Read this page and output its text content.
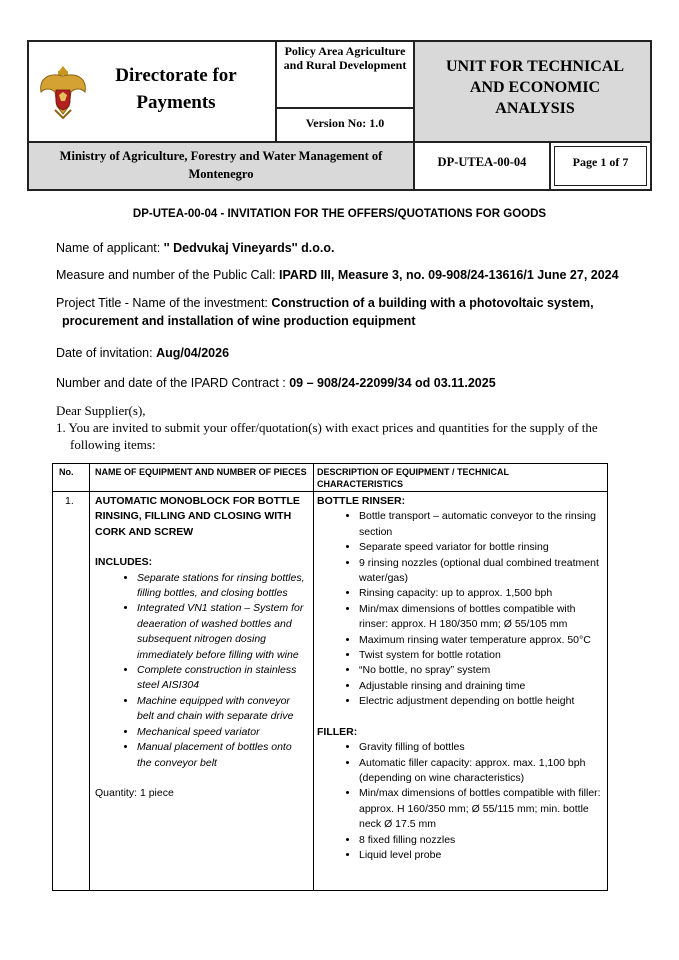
Directorate for Payments
Policy Area Agriculture and Rural Development
Version No: 1.0
UNIT FOR TECHNICAL AND ECONOMIC ANALYSIS
Ministry of Agriculture, Forestry and Water Management of Montenegro
DP-UTEA-00-04	Page 1 of 7
DP-UTEA-00-04 - INVITATION FOR THE OFFERS/QUOTATIONS FOR GOODS
Name of applicant: '' Dedvukaj Vineyards'' d.o.o.
Measure and number of the Public Call: IPARD III, Measure 3, no. 09-908/24-13616/1 June 27, 2024
Project Title - Name of the investment: Construction of a building with a photovoltaic system,
procurement and installation of wine production equipment
Date of invitation: Aug/04/2026
Number and date of the IPARD Contract : 09 – 908/24-22099/34 od 03.11.2025
Dear Supplier(s),
1. You are invited to submit your offer/quotation(s) with exact prices and quantities for the supply of the following items:
No. NAME OF EQUIPMENT AND NUMBER OF PIECES DESCRIPTION OF EQUIPMENT / TECHNICAL CHARACTERISTICS
1. AUTOMATIC MONOBLOCK FOR BOTTLE RINSING, FILLING AND CLOSING WITH CORK AND SCREW
INCLUDES:
• Separate stations for rinsing bottles, filling bottles, and closing bottles
• Integrated VN1 station – System for deaeration of washed bottles and subsequent nitrogen dosing immediately before filling with wine
• Complete construction in stainless steel AISI304
• Machine equipped with conveyor belt and chain with separate drive
• Mechanical speed variator
• Manual placement of bottles onto the conveyor belt
Quantity: 1 piece
BOTTLE RINSER:
• Bottle transport – automatic conveyor to the rinsing section
• Separate speed variator for bottle rinsing
• 9 rinsing nozzles (optional dual combined treatment water/gas)
• Rinsing capacity: up to approx. 1,500 bph
• Min/max dimensions of bottles compatible with rinser: approx. H 180/350 mm; Ø 55/105 mm
• Maximum rinsing water temperature approx. 50°C
• Twist system for bottle rotation
• “No bottle, no spray” system
• Adjustable rinsing and draining time
• Electric adjustment depending on bottle height
FILLER:
• Gravity filling of bottles
• Automatic filler capacity: approx. max. 1,100 bph (depending on wine characteristics)
• Min/max dimensions of bottles compatible with filler: approx. H 160/350 mm; Ø 55/115 mm; min. bottle neck Ø 17.5 mm
• 8 fixed filling nozzles
• Liquid level probe
